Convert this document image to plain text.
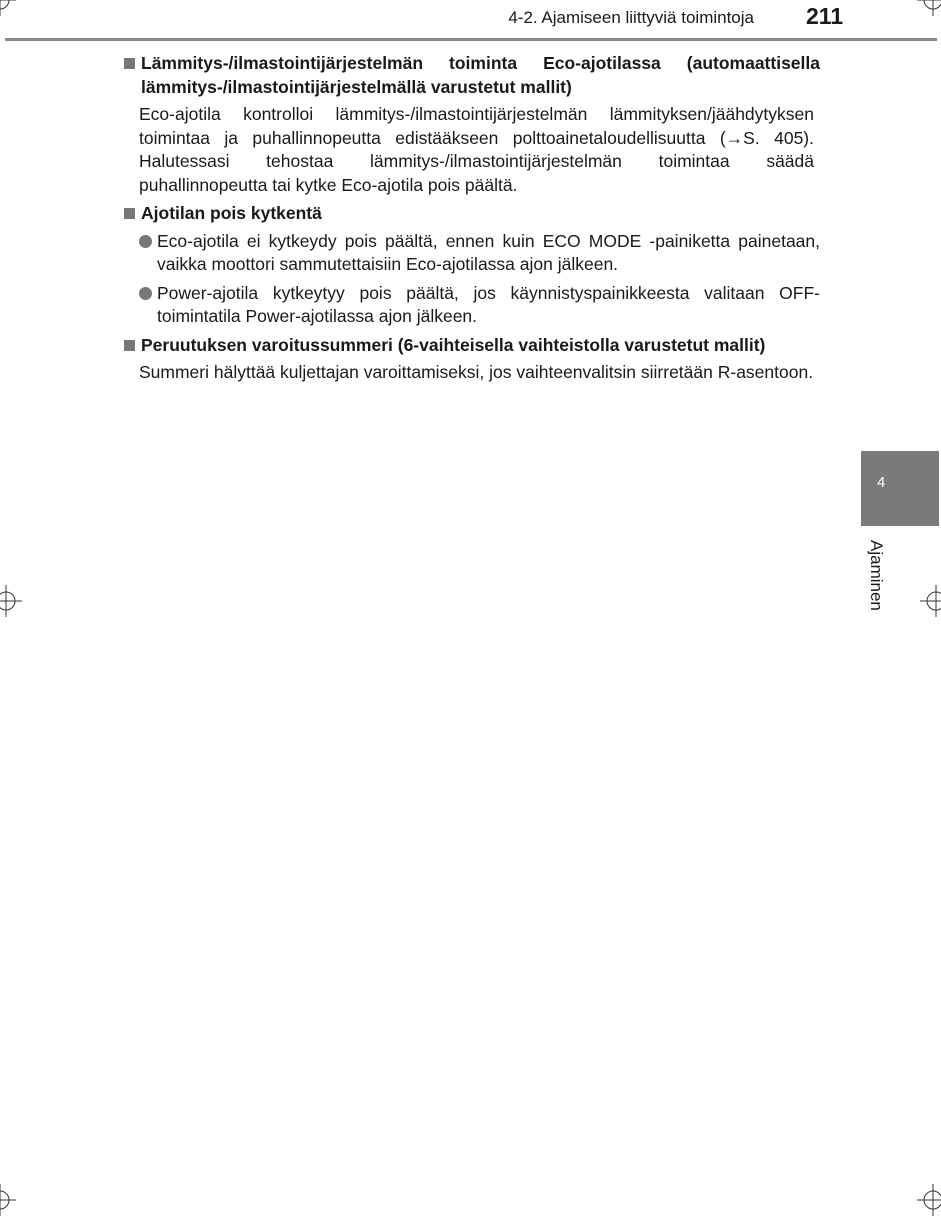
4-2. Ajamiseen liittyviä toimintoja 211
Lämmitys-/ilmastointijärjestelmän toiminta Eco-ajotilassa (automaattisella lämmitys-/ilmastointijärjestelmällä varustetut mallit)
Eco-ajotila kontrolloi lämmitys-/ilmastointijärjestelmän lämmityksen/jäähdytyksen toimintaa ja puhallinnopeutta edistääkseen polttoainetaloudellisuutta (→S. 405). Halutessasi tehostaa lämmitys-/ilmastointijärjestelmän toimintaa säädä puhallinnopeutta tai kytke Eco-ajotila pois päältä.
Ajotilan pois kytkentä
Eco-ajotila ei kytkeydy pois päältä, ennen kuin ECO MODE -painiketta painetaan, vaikka moottori sammutettaisiin Eco-ajotilassa ajon jälkeen.
Power-ajotila kytkeytyy pois päältä, jos käynnistyspainikkeesta valitaan OFF-toimintatila Power-ajotilassa ajon jälkeen.
Peruutuksen varoitussummeri (6-vaihteisella vaihteistolla varustetut mallit)
Summeri hälyttää kuljettajan varoittamiseksi, jos vaihteenvalitsin siirretään R-asentoon.
4
Ajaminen
